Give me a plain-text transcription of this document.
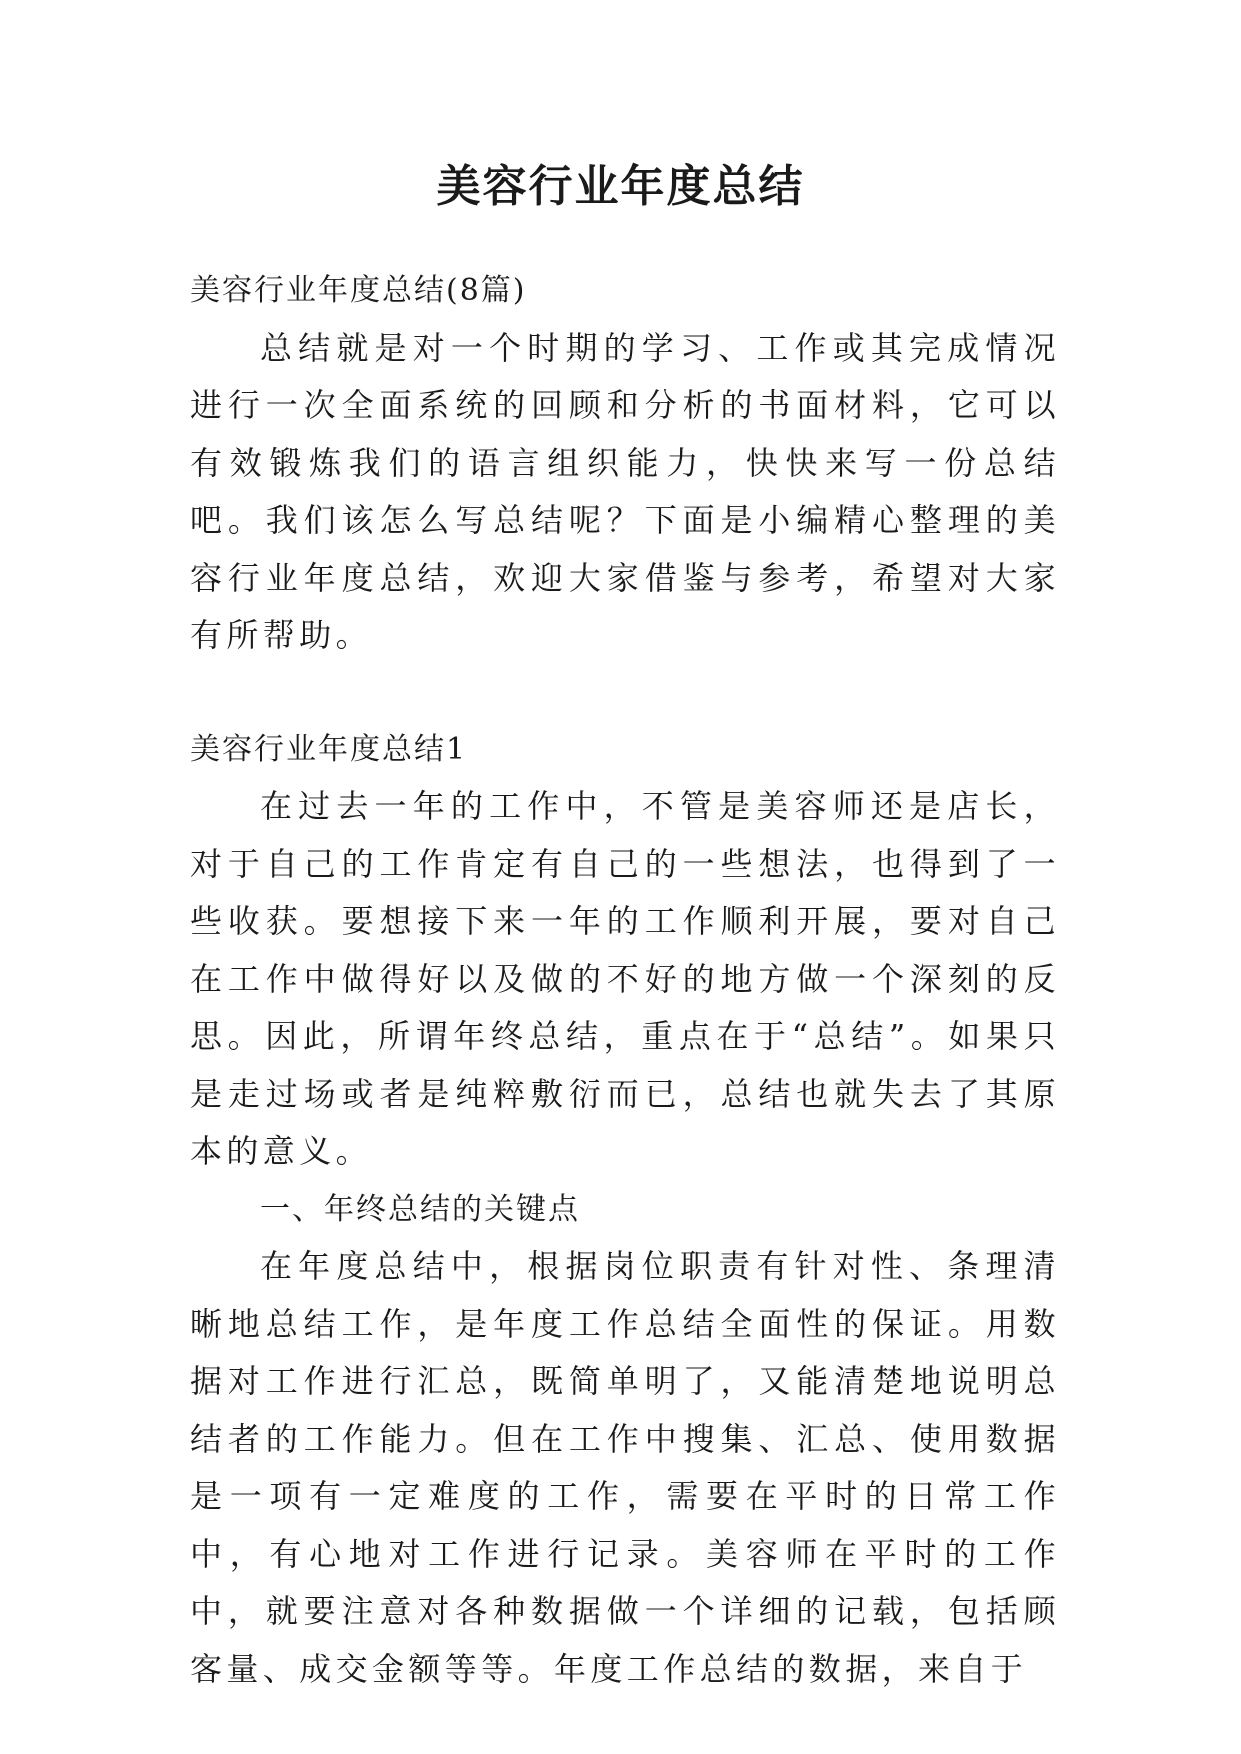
美容行业年度总结

美容行业年度总结(8篇)

总结就是对一个时期的学习、工作或其完成情况进行一次全面系统的回顾和分析的书面材料，它可以有效锻炼我们的语言组织能力，快快来写一份总结吧。我们该怎么写总结呢？下面是小编精心整理的美容行业年度总结，欢迎大家借鉴与参考，希望对大家有所帮助。

美容行业年度总结1

在过去一年的工作中，不管是美容师还是店长，对于自己的工作肯定有自己的一些想法，也得到了一些收获。要想接下来一年的工作顺利开展，要对自己在工作中做得好以及做的不好的地方做一个深刻的反思。因此，所谓年终总结，重点在于“总结”。如果只是走过场或者是纯粹敷衍而已，总结也就失去了其原本的意义。

一、年终总结的关键点

在年度总结中，根据岗位职责有针对性、条理清晰地总结工作，是年度工作总结全面性的保证。用数据对工作进行汇总，既简单明了，又能清楚地说明总结者的工作能力。但在工作中搜集、汇总、使用数据是一项有一定难度的工作，需要在平时的日常工作中，有心地对工作进行记录。美容师在平时的工作中，就要注意对各种数据做一个详细的记载，包括顾客量、成交金额等等。年度工作总结的数据，来自于
